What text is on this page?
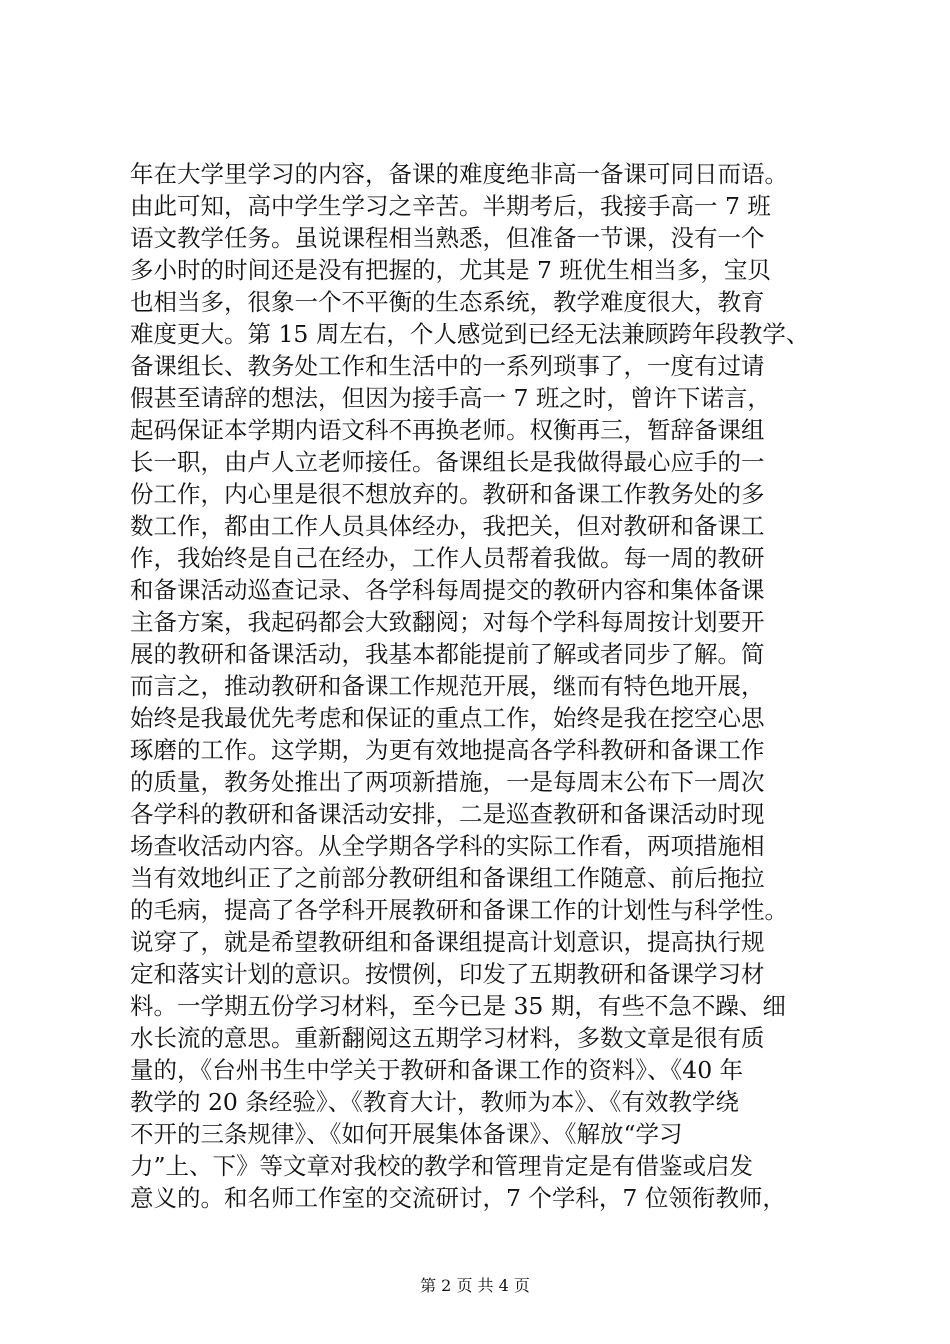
年在大学里学习的内容，备课的难度绝非高一备课可同日而语。
由此可知，高中学生学习之辛苦。半期考后，我接手高一 7 班
语文教学任务。虽说课程相当熟悉，但准备一节课，没有一个
多小时的时间还是没有把握的，尤其是 7 班优生相当多，宝贝
也相当多，很象一个不平衡的生态系统，教学难度很大，教育
难度更大。第 15 周左右，个人感觉到已经无法兼顾跨年段教学、
备课组长、教务处工作和生活中的一系列琐事了，一度有过请
假甚至请辞的想法，但因为接手高一 7 班之时，曾许下诺言，
起码保证本学期内语文科不再换老师。权衡再三，暂辞备课组
长一职，由卢人立老师接任。备课组长是我做得最心应手的一
份工作，内心里是很不想放弃的。教研和备课工作教务处的多
数工作，都由工作人员具体经办，我把关，但对教研和备课工
作，我始终是自己在经办，工作人员帮着我做。每一周的教研
和备课活动巡查记录、各学科每周提交的教研内容和集体备课
主备方案，我起码都会大致翻阅；对每个学科每周按计划要开
展的教研和备课活动，我基本都能提前了解或者同步了解。简
而言之，推动教研和备课工作规范开展，继而有特色地开展，
始终是我最优先考虑和保证的重点工作，始终是我在挖空心思
琢磨的工作。这学期，为更有效地提高各学科教研和备课工作
的质量，教务处推出了两项新措施，一是每周末公布下一周次
各学科的教研和备课活动安排，二是巡查教研和备课活动时现
场查收活动内容。从全学期各学科的实际工作看，两项措施相
当有效地纠正了之前部分教研组和备课组工作随意、前后拖拉
的毛病，提高了各学科开展教研和备课工作的计划性与科学性。
说穿了，就是希望教研组和备课组提高计划意识，提高执行规
定和落实计划的意识。按惯例，印发了五期教研和备课学习材
料。一学期五份学习材料，至今已是 35 期，有些不急不躁、细
水长流的意思。重新翻阅这五期学习材料，多数文章是很有质
量的，《台州书生中学关于教研和备课工作的资料》、《40 年
教学的 20 条经验》、《教育大计，教师为本》、《有效教学绕
不开的三条规律》、《如何开展集体备课》、《解放“学习
力”上、下》等文章对我校的教学和管理肯定是有借鉴或启发
意义的。和名师工作室的交流研讨，7 个学科，7 位领衔教师，
第 2 页 共 4 页
